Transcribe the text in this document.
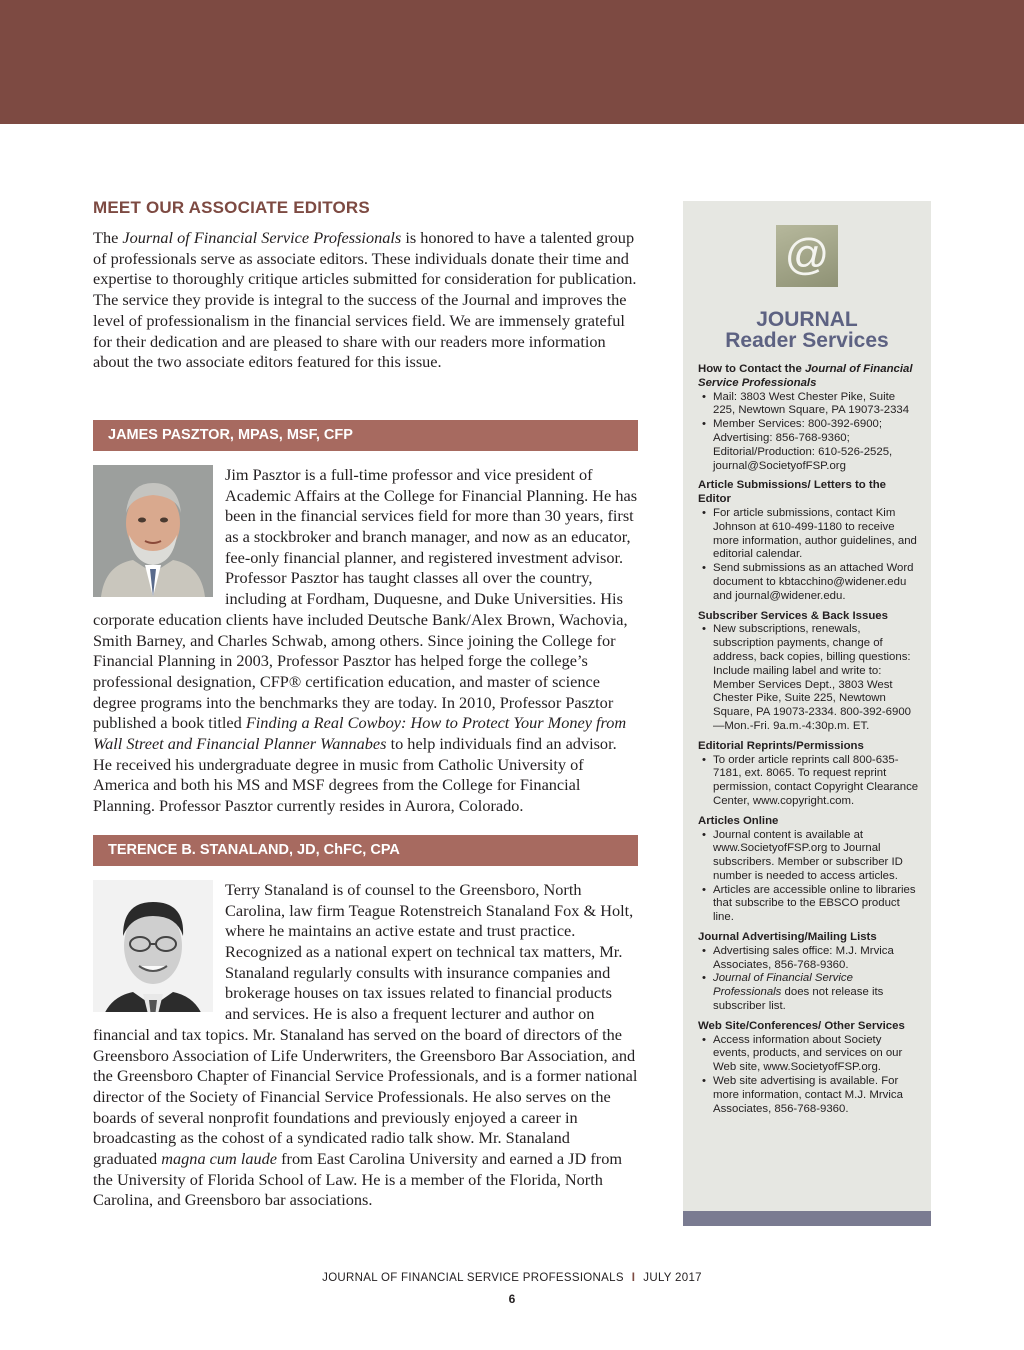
MEET OUR ASSOCIATE EDITORS

The Journal of Financial Service Professionals is honored to have a talented group of professionals serve as associate editors. These individuals donate their time and expertise to thoroughly critique articles submitted for consideration for publication. The service they provide is integral to the success of the Journal and improves the level of professionalism in the financial services field. We are immensely grateful for their dedication and are pleased to share with our readers more information about the two associate editors featured for this issue.

JAMES PASZTOR, MPAS, MSF, CFP

Jim Pasztor is a full-time professor and vice president of Academic Affairs at the College for Financial Planning. He has been in the financial services field for more than 30 years, first as a stockbroker and branch manager, and now as an educator, fee-only financial planner, and registered investment advisor. Professor Pasztor has taught classes all over the country, including at Fordham, Duquesne, and Duke Universities. His corporate education clients have included Deutsche Bank/Alex Brown, Wachovia, Smith Barney, and Charles Schwab, among others. Since joining the College for Financial Planning in 2003, Professor Pasztor has helped forge the college’s professional designation, CFP® certification education, and master of science degree programs into the benchmarks they are today. In 2010, Professor Pasztor published a book titled Finding a Real Cowboy: How to Protect Your Money from Wall Street and Financial Planner Wannabes to help individuals find an advisor. He received his undergraduate degree in music from Catholic University of America and both his MS and MSF degrees from the College for Financial Planning. Professor Pasztor currently resides in Aurora, Colorado.

TERENCE B. STANALAND, JD, ChFC, CPA

Terry Stanaland is of counsel to the Greensboro, North Carolina, law firm Teague Rotenstreich Stanaland Fox & Holt, where he maintains an active estate and trust practice. Recognized as a national expert on technical tax matters, Mr. Stanaland regularly consults with insurance companies and brokerage houses on tax issues related to financial products and services. He is also a frequent lecturer and author on financial and tax topics. Mr. Stanaland has served on the board of directors of the Greensboro Association of Life Underwriters, the Greensboro Bar Association, and the Greensboro Chapter of Financial Service Professionals, and is a former national director of the Society of Financial Service Professionals. He also serves on the boards of several nonprofit foundations and previously enjoyed a career in broadcasting as the cohost of a syndicated radio talk show. Mr. Stanaland graduated magna cum laude from East Carolina University and earned a JD from the University of Florida School of Law. He is a member of the Florida, North Carolina, and Greensboro bar associations.

@
JOURNAL
Reader Services
How to Contact the Journal of Financial Service Professionals
• Mail: 3803 West Chester Pike, Suite 225, Newtown Square, PA 19073-2334
• Member Services: 800-392-6900; Advertising: 856-768-9360; Editorial/Production: 610-526-2525, journal@SocietyofFSP.org
Article Submissions/ Letters to the Editor
• For article submissions, contact Kim Johnson at 610-499-1180 to receive more information, author guidelines, and editorial calendar.
• Send submissions as an attached Word document to kbtacchino@widener.edu and journal@widener.edu.
Subscriber Services & Back Issues
• New subscriptions, renewals, subscription payments, change of address, back copies, billing questions: Include mailing label and write to: Member Services Dept., 3803 West Chester Pike, Suite 225, Newtown Square, PA 19073-2334. 800-392-6900—Mon.-Fri. 9a.m.-4:30p.m. ET.
Editorial Reprints/Permissions
• To order article reprints call 800-635-7181, ext. 8065. To request reprint permission, contact Copyright Clearance Center, www.copyright.com.
Articles Online
• Journal content is available at www.SocietyofFSP.org to Journal subscribers. Member or subscriber ID number is needed to access articles.
• Articles are accessible online to libraries that subscribe to the EBSCO product line.
Journal Advertising/Mailing Lists
• Advertising sales office: M.J. Mrvica Associates, 856-768-9360.
• Journal of Financial Service Professionals does not release its subscriber list.
Web Site/Conferences/ Other Services
• Access information about Society events, products, and services on our Web site, www.SocietyofFSP.org.
• Web site advertising is available. For more information, contact M.J. Mrvica Associates, 856-768-9360.
JOURNAL OF FINANCIAL SERVICE PROFESSIONALS I JULY 2017
6
